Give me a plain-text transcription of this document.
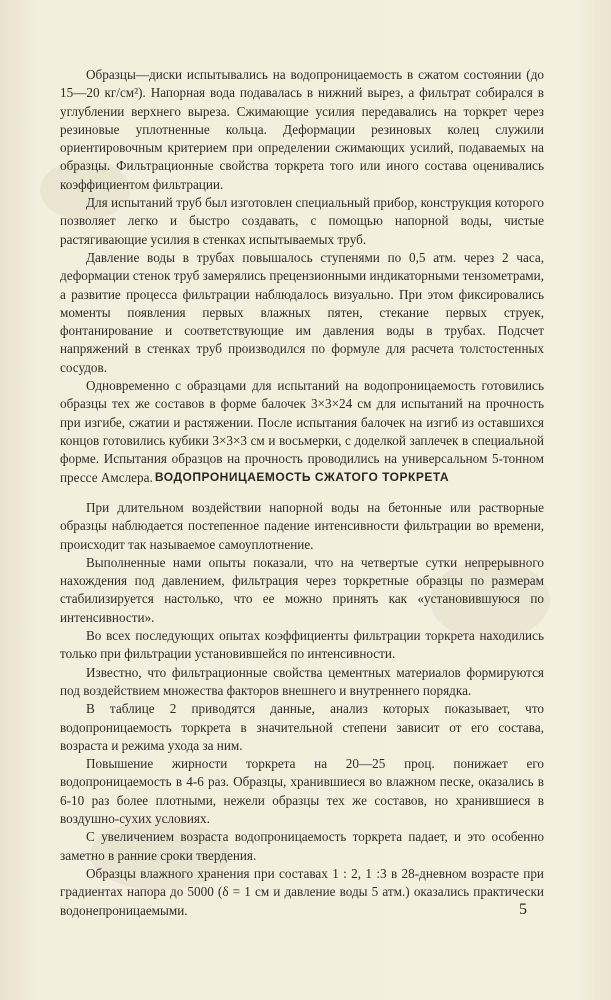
Образцы—диски испытывались на водопроницаемость в сжатом состоянии (до 15—20 кг/см²). Напорная вода подавалась в нижний вырез, а фильтрат собирался в углублении верхнего выреза. Сжимающие усилия передавались на торкрет через резиновые уплотненные кольца. Деформации резиновых колец служили ориентировочным критерием при определении сжимающих усилий, подаваемых на образцы. Фильтрационные свойства торкрета того или иного состава оценивались коэффициентом фильтрации.

Для испытаний труб был изготовлен специальный прибор, конструкция которого позволяет легко и быстро создавать, с помощью напорной воды, чистые растягивающие усилия в стенках испытываемых труб.

Давление воды в трубах повышалось ступенями по 0,5 атм. через 2 часа, деформации стенок труб замерялись прецензионными индикаторными тензометрами, а развитие процесса фильтрации наблюдалось визуально. При этом фиксировались моменты появления первых влажных пятен, стекание первых струек, фонтанирование и соответствующие им давления воды в трубах. Подсчет напряжений в стенках труб производился по формуле для расчета толстостенных сосудов.

Одновременно с образцами для испытаний на водопроницаемость готовились образцы тех же составов в форме балочек 3×3×24 см для испытаний на прочность при изгибе, сжатии и растяжении. После испытания балочек на изгиб из оставшихся концов готовились кубики 3×3×3 см и восьмерки, с доделкой заплечек в специальной форме. Испытания образцов на прочность проводились на универсальном 5-тонном прессе Амслера. ВОДОПРОНИЦАЕМОСТЬ СЖАТОГО ТОРКРЕТА

При длительном воздействии напорной воды на бетонные или растворные образцы наблюдается постепенное падение интенсивности фильтрации во времени, происходит так называемое самоуплотнение.

Выполненные нами опыты показали, что на четвертые сутки непрерывного нахождения под давлением, фильтрация через торкретные образцы по размерам стабилизируется настолько, что ее можно принять как «установившуюся по интенсивности».

Во всех последующих опытах коэффициенты фильтрации торкрета находились только при фильтрации установившейся по интенсивности.

Известно, что фильтрационные свойства цементных материалов формируются под воздействием множества факторов внешнего и внутреннего порядка.

В таблице 2 приводятся данные, анализ которых показывает, что водопроницаемость торкрета в значительной степени зависит от его состава, возраста и режима ухода за ним.

Повышение жирности торкрета на 20—25 проц. понижает его водопроницаемость в 4-6 раз. Образцы, хранившиеся во влажном песке, оказались в 6-10 раз более плотными, нежели образцы тех же составов, но хранившиеся в воздушно-сухих условиях.

С увеличением возраста водопроницаемость торкрета падает, и это особенно заметно в ранние сроки твердения.

Образцы влажного хранения при составах 1 : 2, 1 :3 в 28-дневном возрасте при градиентах напора до 5000 (δ = 1 см и давление воды 5 атм.) оказались практически водонепроницаемыми.	5
